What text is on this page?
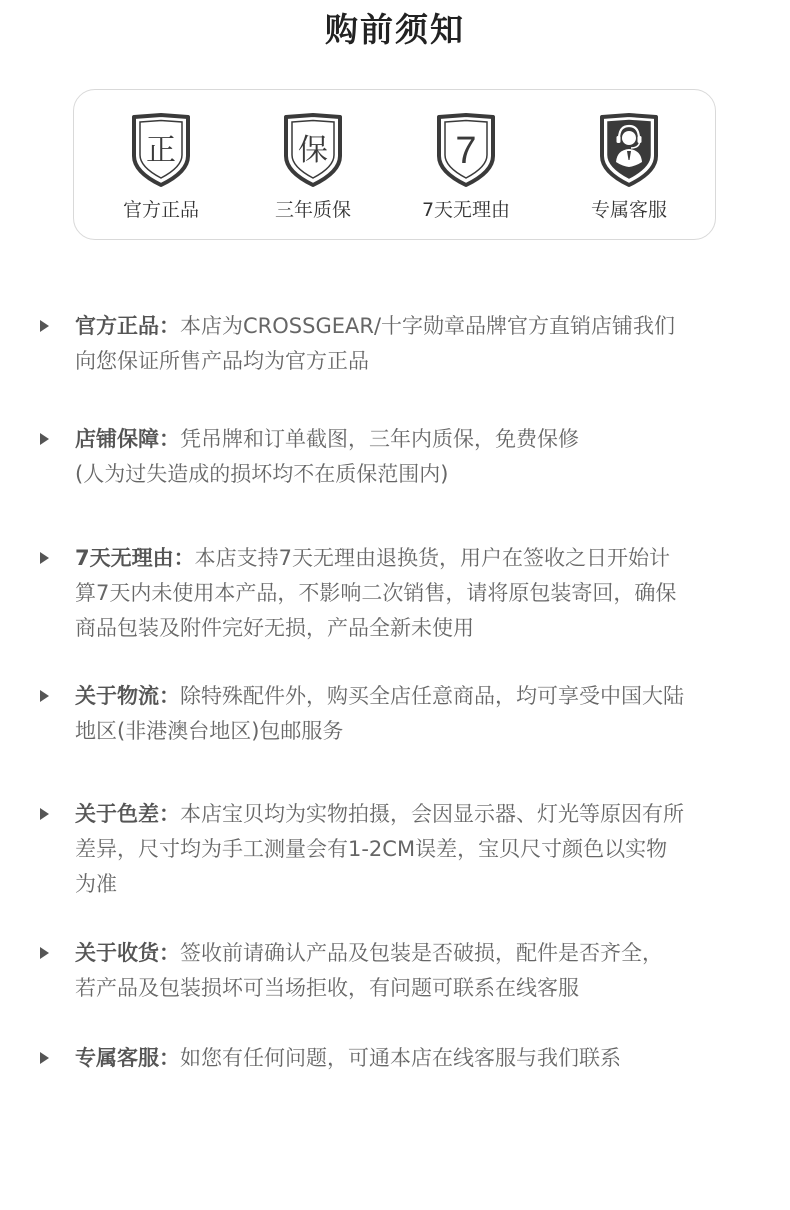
购前须知
正
官方正品
保
三年质保
7
7天无理由	专属客服
官方正品：本店为CROSSGEAR/十字勋章品牌官方直销店铺我们
向您保证所售产品均为官方正品
店铺保障：凭吊牌和订单截图，三年内质保，免费保修
(人为过失造成的损坏均不在质保范围内)
7天无理由：本店支持7天无理由退换货，用户在签收之日开始计
算7天内未使用本产品，不影响二次销售，请将原包装寄回，确保
商品包装及附件完好无损，产品全新未使用
关于物流：除特殊配件外，购买全店任意商品，均可享受中国大陆
地区(非港澳台地区)包邮服务
关于色差：本店宝贝均为实物拍摄，会因显示器、灯光等原因有所
差异，尺寸均为手工测量会有1-2CM误差，宝贝尺寸颜色以实物
为准
关于收货：签收前请确认产品及包装是否破损，配件是否齐全，
若产品及包装损坏可当场拒收，有问题可联系在线客服
专属客服：如您有任何问题，可通本店在线客服与我们联系
